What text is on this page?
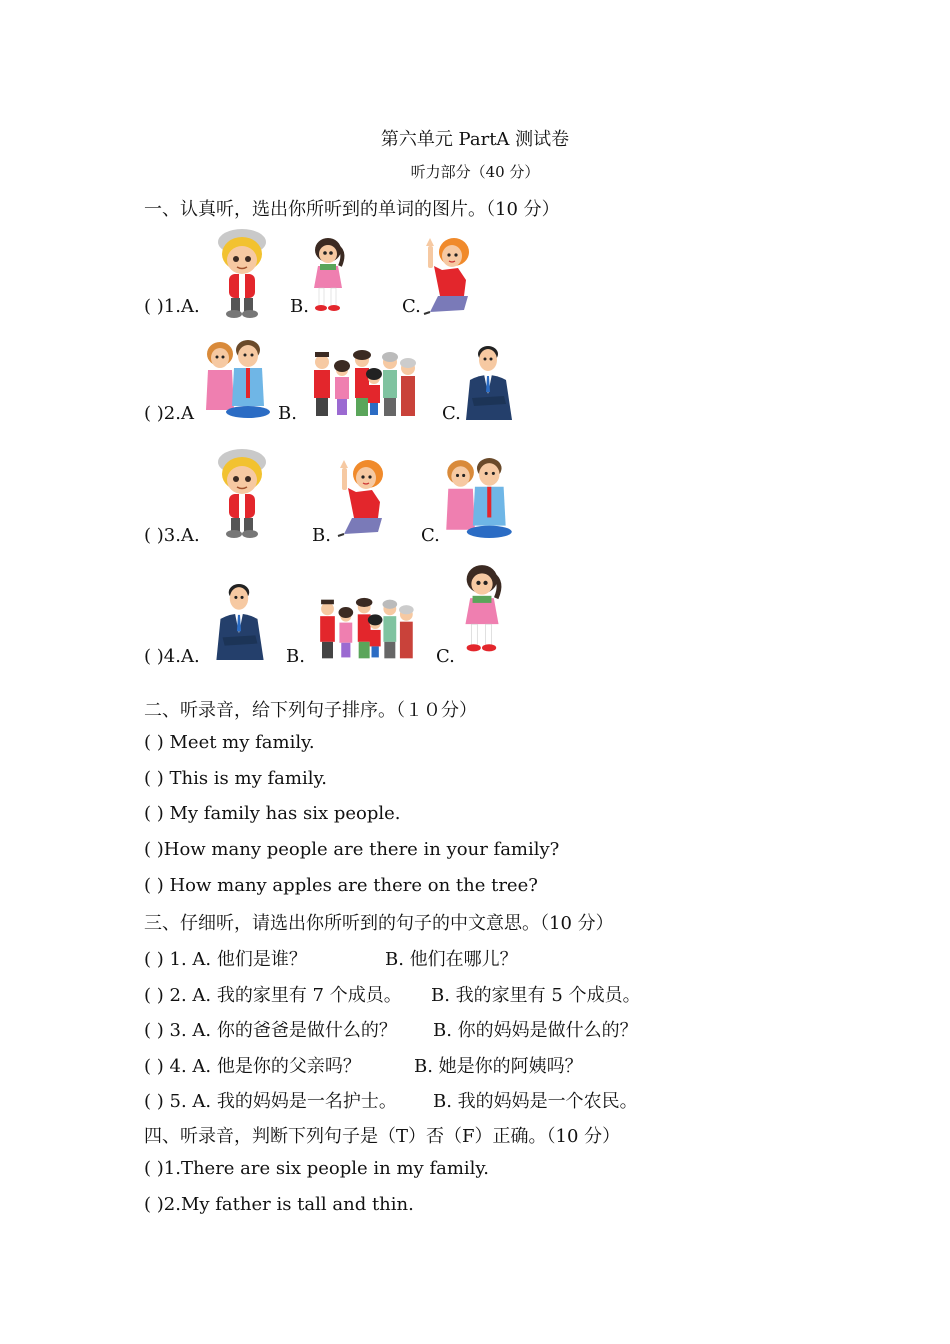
第六单元 PartA 测试卷
听力部分（40 分）
一、认真听，选出你所听到的单词的图片。（10 分）
( )1.A.	B.	C.
( )2.A	B.	C.
( )3.A.	B.	C.
( )4.A.	B.	C.
二、听录音，给下列句子排序。（１０分）
( ) Meet my family.
( ) This is my family.
( ) My family has six people.
( )How many people are there in your family?
( ) How many apples are there on the tree?
三、仔细听，请选出你所听到的句子的中文意思。（10 分）
( ) 1. A. 他们是谁？	B. 他们在哪儿？
( ) 2. A. 我的家里有 7 个成员。 B. 我的家里有 5 个成员。
( ) 3. A. 你的爸爸是做什么的？ B. 你的妈妈是做什么的？
( ) 4. A. 他是你的父亲吗？	B. 她是你的阿姨吗？
( ) 5. A. 我的妈妈是一名护士。 B. 我的妈妈是一个农民。
四、听录音，判断下列句子是（T）否（F）正确。（10 分）
( )1.There are six people in my family.
( )2.My father is tall and thin.
